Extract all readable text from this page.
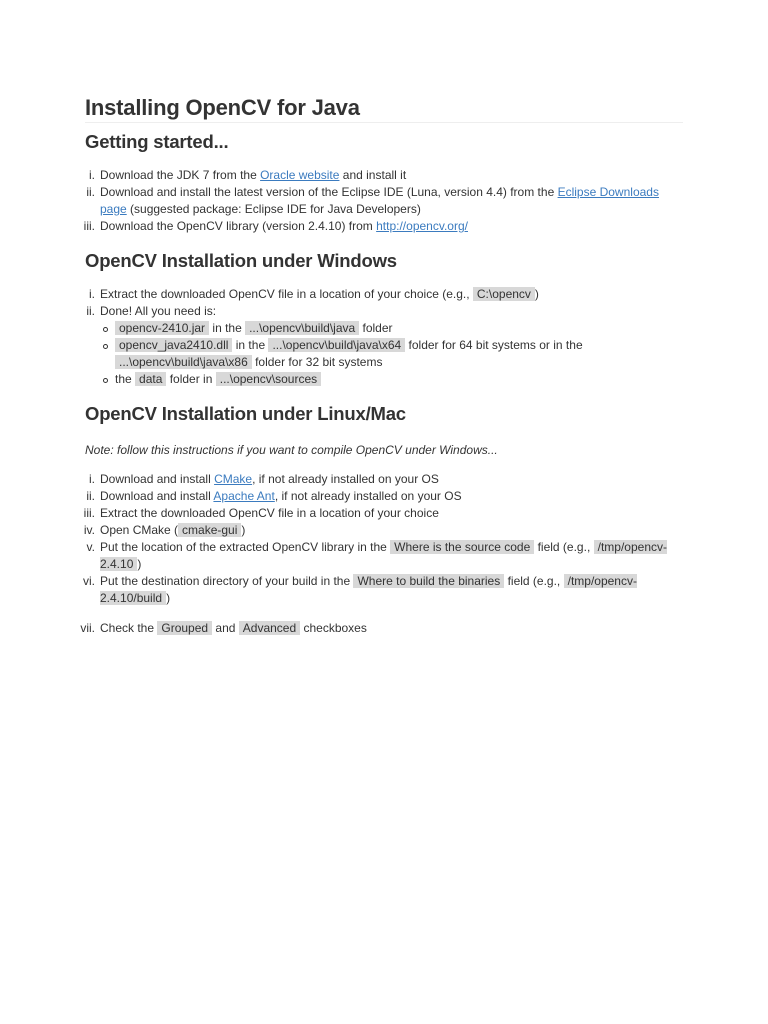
Installing OpenCV for Java
Getting started...
i. Download the JDK 7 from the Oracle website and install it
ii. Download and install the latest version of the Eclipse IDE (Luna, version 4.4) from the Eclipse Downloads page (suggested package: Eclipse IDE for Java Developers)
iii. Download the OpenCV library (version 2.4.10) from http://opencv.org/
OpenCV Installation under Windows
i. Extract the downloaded OpenCV file in a location of your choice (e.g., C:\opencv )
ii. Done! All you need is:
opencv-2410.jar in the ...\opencv\build\java folder
opencv_java2410.dll in the ...\opencv\build\java\x64 folder for 64 bit systems or in the ...\opencv\build\java\x86 folder for 32 bit systems
the data folder in ...\opencv\sources
OpenCV Installation under Linux/Mac

Note: follow this instructions if you want to compile OpenCV under Windows...

i. Download and install CMake, if not already installed on your OS
ii. Download and install Apache Ant, if not already installed on your OS
iii. Extract the downloaded OpenCV file in a location of your choice
iv. Open CMake ( cmake-gui )
v. Put the location of the extracted OpenCV library in the Where is the source code field (e.g., /tmp/opencv-2.4.10 )
vi. Put the destination directory of your build in the Where to build the binaries field (e.g., /tmp/opencv-2.4.10/build )
vii. Check the Grouped and Advanced checkboxes
